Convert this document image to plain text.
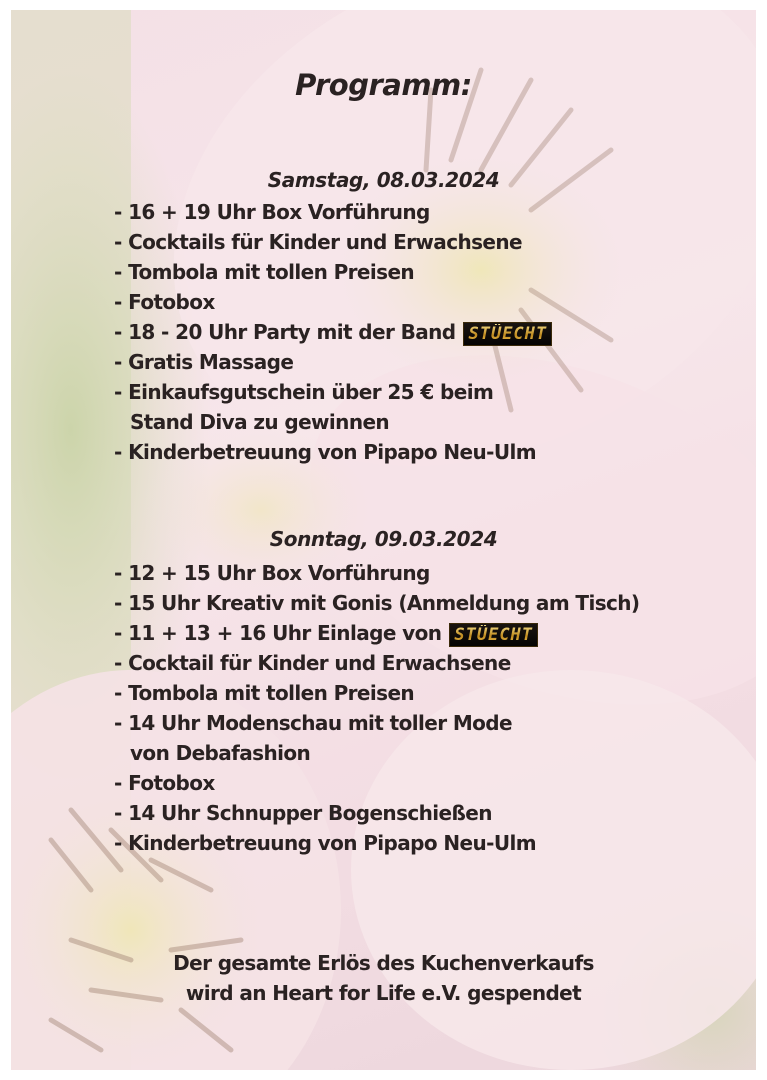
Programm:
Samstag, 08.03.2024
- 16 + 19 Uhr Box Vorführung
- Cocktails für Kinder und Erwachsene
- Tombola mit tollen Preisen
- Fotobox
- 18 - 20 Uhr Party mit der Band STÜECHT
- Gratis Massage
- Einkaufsgutschein über 25 € beim
Stand Diva zu gewinnen
- Kinderbetreuung von Pipapo Neu-Ulm
Sonntag, 09.03.2024
- 12 + 15 Uhr Box Vorführung
- 15 Uhr Kreativ mit Gonis (Anmeldung am Tisch)
- 11 + 13 + 16 Uhr Einlage von STÜECHT
- Cocktail für Kinder und Erwachsene
- Tombola mit tollen Preisen
- 14 Uhr Modenschau mit toller Mode
von Debafashion
- Fotobox
- 14 Uhr Schnupper Bogenschießen
- Kinderbetreuung von Pipapo Neu-Ulm
Der gesamte Erlös des Kuchenverkaufs
wird an Heart for Life e.V. gespendet
